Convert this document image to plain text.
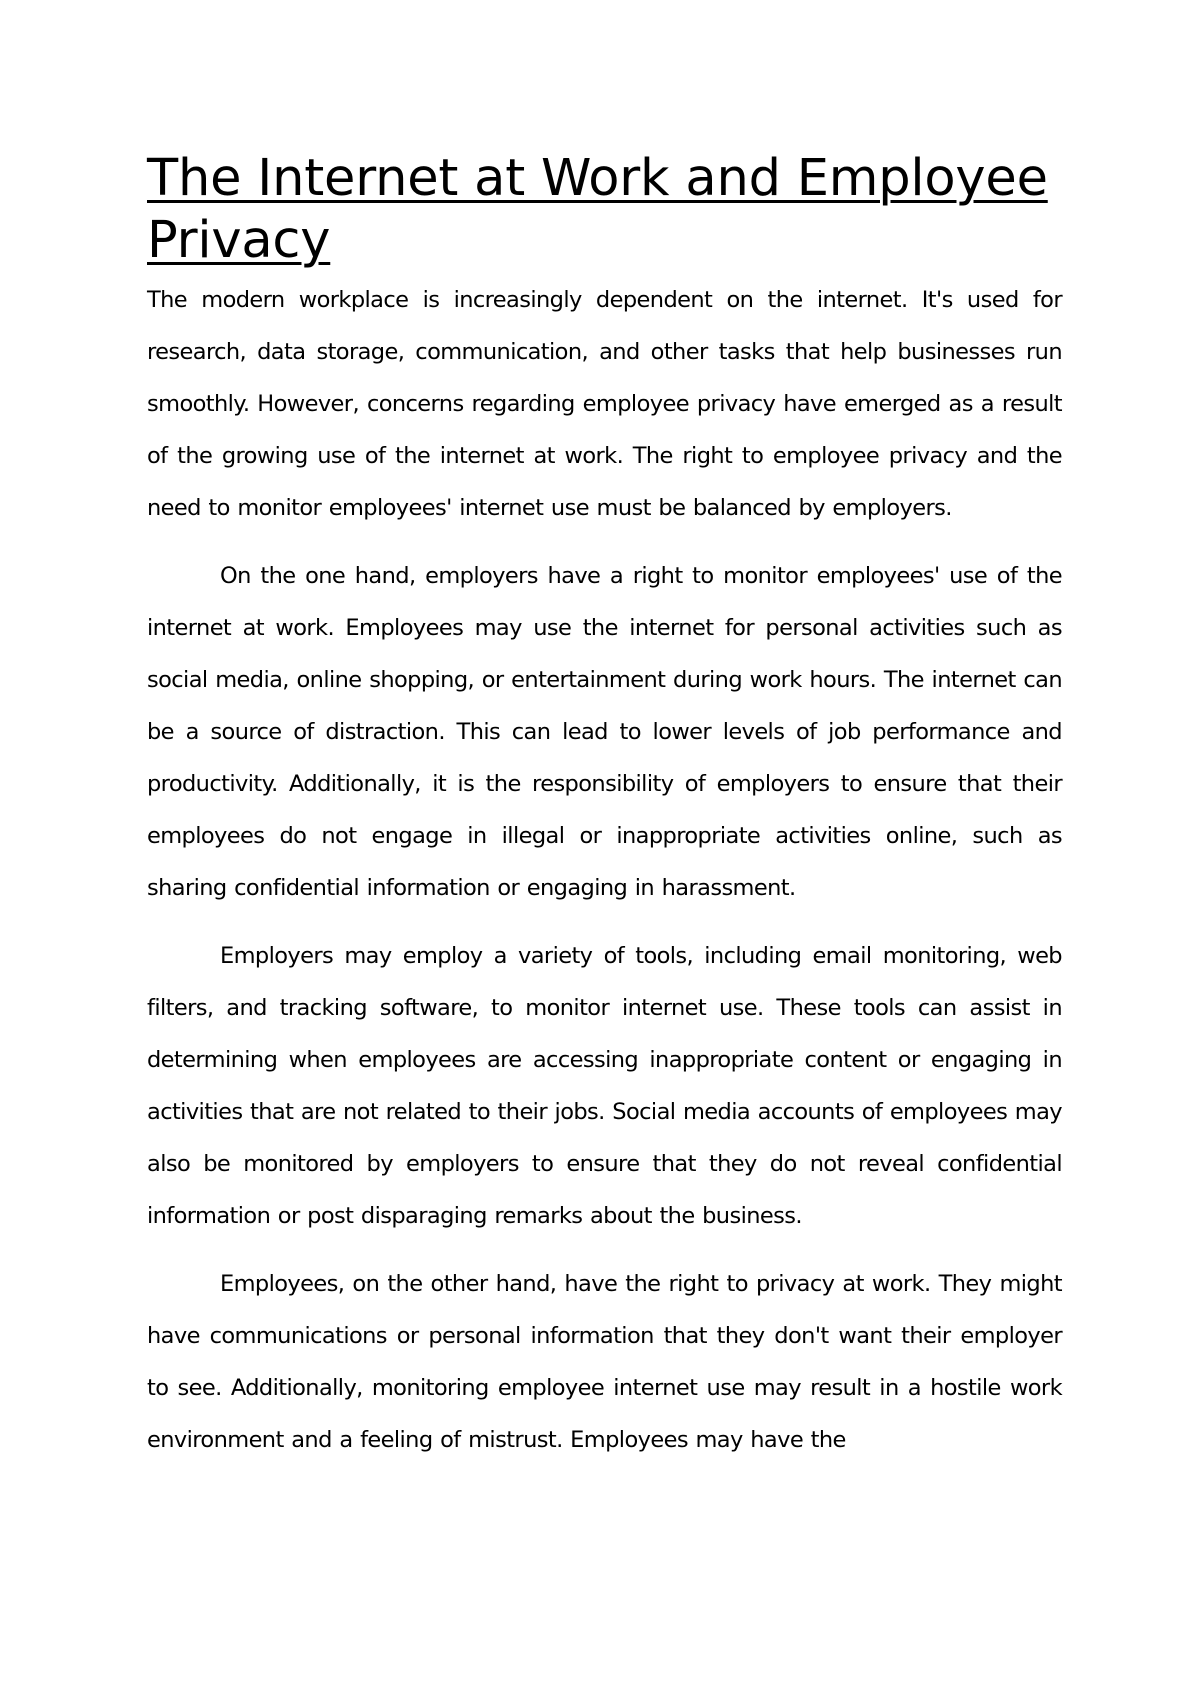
The Internet at Work and Employee Privacy

The modern workplace is increasingly dependent on the internet. It's used for research, data storage, communication, and other tasks that help businesses run smoothly. However, concerns regarding employee privacy have emerged as a result of the growing use of the internet at work. The right to employee privacy and the need to monitor employees' internet use must be balanced by employers.

On the one hand, employers have a right to monitor employees' use of the internet at work. Employees may use the internet for personal activities such as social media, online shopping, or entertainment during work hours. The internet can be a source of distraction. This can lead to lower levels of job performance and productivity. Additionally, it is the responsibility of employers to ensure that their employees do not engage in illegal or inappropriate activities online, such as sharing confidential information or engaging in harassment.

Employers may employ a variety of tools, including email monitoring, web filters, and tracking software, to monitor internet use. These tools can assist in determining when employees are accessing inappropriate content or engaging in activities that are not related to their jobs. Social media accounts of employees may also be monitored by employers to ensure that they do not reveal confidential information or post disparaging remarks about the business.

Employees, on the other hand, have the right to privacy at work. They might have communications or personal information that they don't want their employer to see. Additionally, monitoring employee internet use may result in a hostile work environment and a feeling of mistrust. Employees may have the
